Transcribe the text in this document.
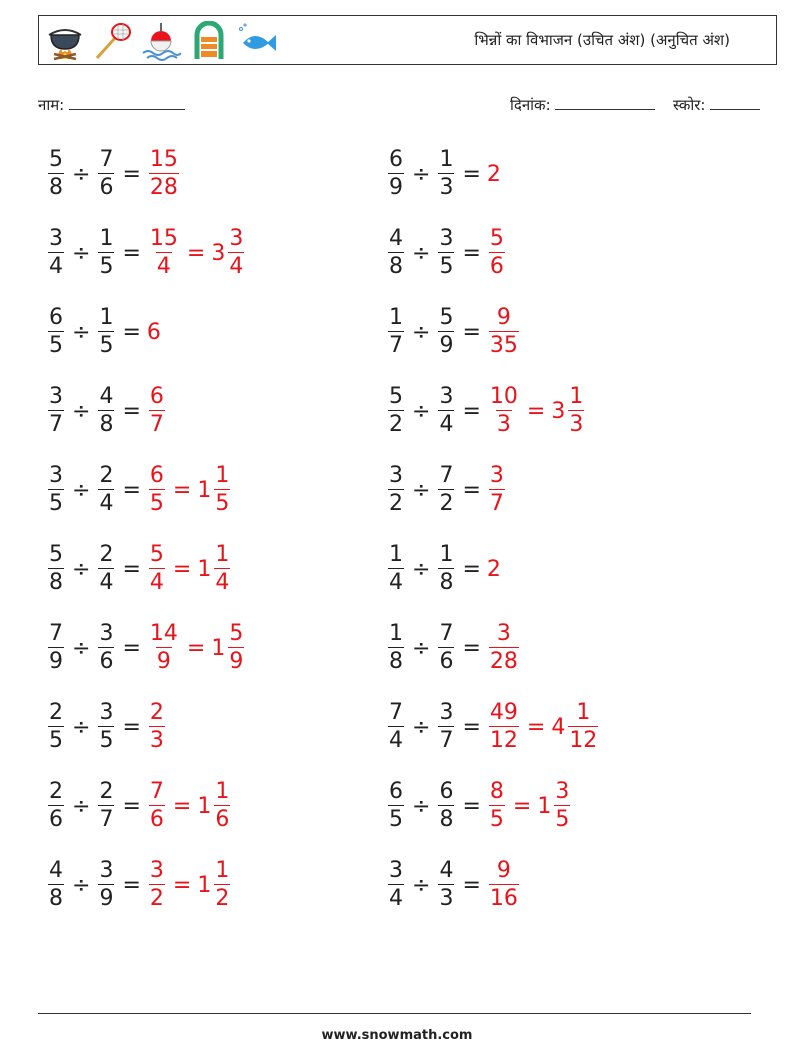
भिन्नों का विभाजन (उचित अंश) (अनुचित अंश)
नाम:	दिनांक:	स्कोर:
$\frac{5}{8} \div \frac{7}{6} = \frac{15}{28}$	$\frac{6}{9} \div \frac{1}{3} = 2$
$\frac{3}{4} \div \frac{1}{5} = \frac{15}{4} = 3 \frac{3}{4}$	$\frac{4}{8} \div \frac{3}{5} = \frac{5}{6}$
$\frac{6}{5} \div \frac{1}{5} = 6$	$\frac{1}{7} \div \frac{5}{9} = \frac{9}{35}$
$\frac{3}{7} \div \frac{4}{8} = \frac{6}{7}$	$\frac{5}{2} \div \frac{3}{4} = \frac{10}{3} = 3 \frac{1}{3}$
$\frac{3}{5} \div \frac{2}{4} = \frac{6}{5} = 1 \frac{1}{5}$	$\frac{3}{2} \div \frac{7}{2} = \frac{3}{7}$
$\frac{5}{8} \div \frac{2}{4} = \frac{5}{4} = 1 \frac{1}{4}$	$\frac{1}{4} \div \frac{1}{8} = 2$
$\frac{7}{9} \div \frac{3}{6} = \frac{14}{9} = 1 \frac{5}{9}$	$\frac{1}{8} \div \frac{7}{6} = \frac{3}{28}$
$\frac{2}{5} \div \frac{3}{5} = \frac{2}{3}$	$\frac{7}{4} \div \frac{3}{7} = \frac{49}{12} = 4 \frac{1}{12}$
$\frac{2}{6} \div \frac{2}{7} = \frac{7}{6} = 1 \frac{1}{6}$	$\frac{6}{5} \div \frac{6}{8} = \frac{8}{5} = 1 \frac{3}{5}$
$\frac{4}{8} \div \frac{3}{9} = \frac{3}{2} = 1 \frac{1}{2}$	$\frac{3}{4} \div \frac{4}{3} = \frac{9}{16}$
www.snowmath.com
